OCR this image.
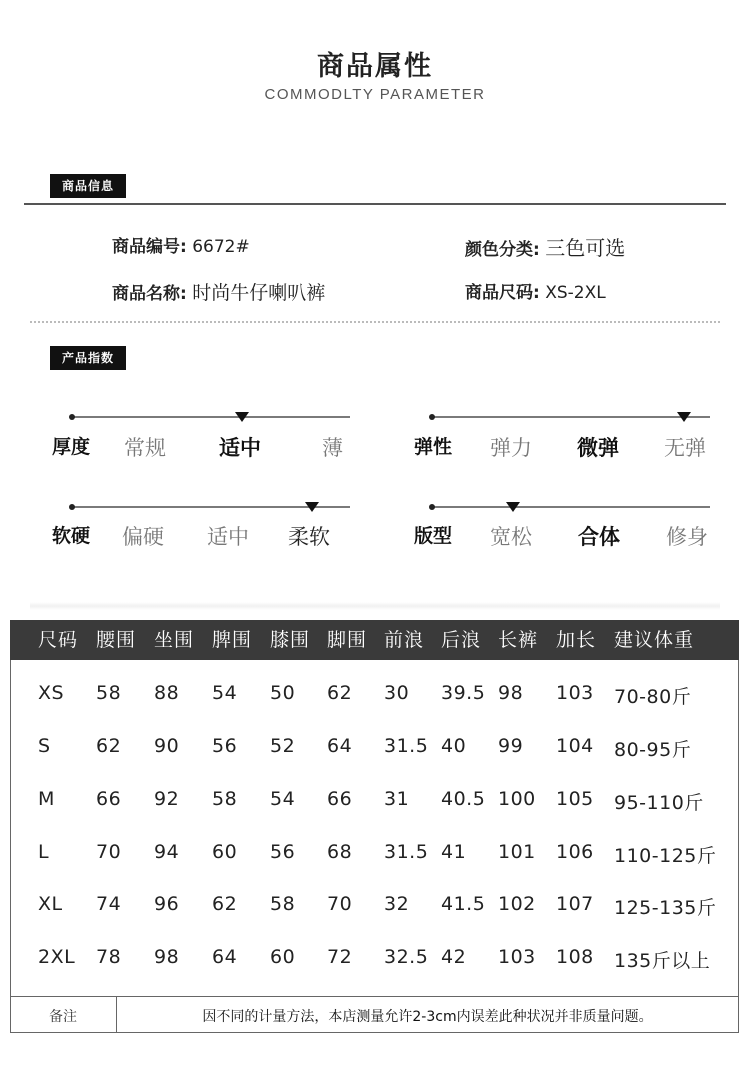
商品属性
COMMODLTY PARAMETER
商品信息
商品编号: 6672#	颜色分类: 三色可选
商品名称: 时尚牛仔喇叭裤	商品尺码: XS-2XL
产品指数
厚度 常规	适中	薄	弹性 弹力 微弹 无弹
软硬 偏硬 适中 柔软	版型 宽松 合体 修身
尺码 腰围 坐围 脾围 膝围 脚围 前浪 后浪 长裤 加长 建议体重
XS 58 88 54 50 62 30 39.5 98 103 70-80斤
S 62 90 56 52 64 31.5 40 99 104 80-95斤
M 66 92 58 54 66 31 40.5 100 105 95-110斤
L 70 94 60 56 68 31.5 41 101 106 110-125斤
XL 74 96 62 58 70 32 41.5 102 107 125-135斤
2XL 78 98 64 60 72 32.5 42 103 108 135斤以上
备注	因不同的计量方法，本店测量允许2-3cm内误差此种状况并非质量问题。
